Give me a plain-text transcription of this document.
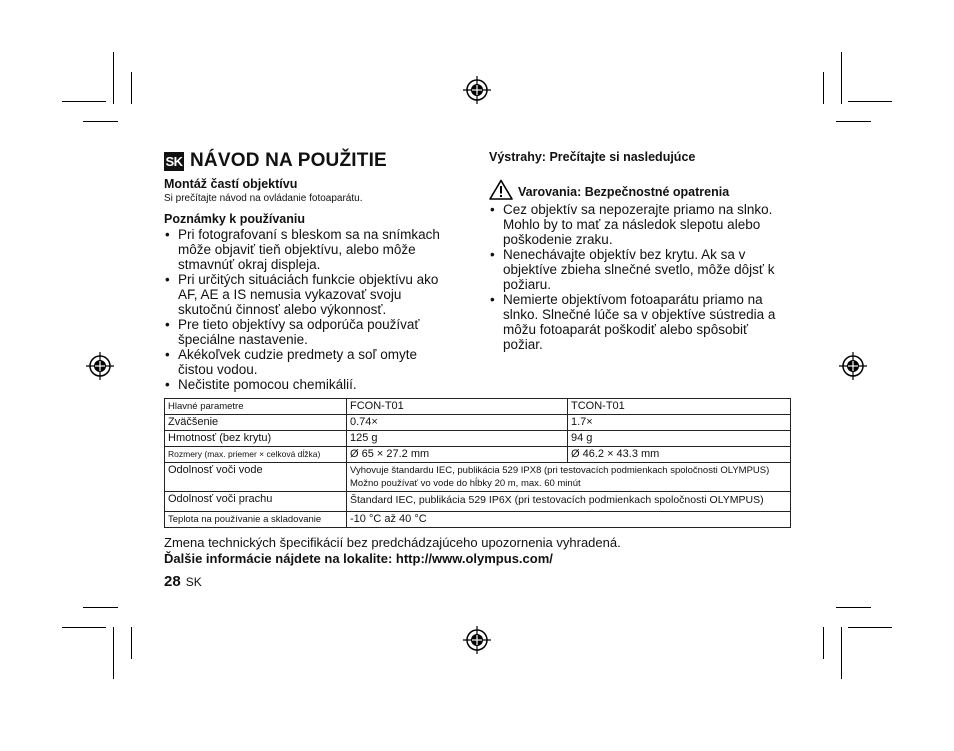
SK NÁVOD NA POUŽITIE
Montáž častí objektívu
Si prečítajte návod na ovládanie fotoaparátu.
Poznámky k používaniu
• Pri fotografovaní s bleskom sa na snímkach môže objaviť tieň objektívu, alebo môže stmavnúť okraj displeja.
• Pri určitých situáciách funkcie objektívu ako AF, AE a IS nemusia vykazovať svoju skutočnú činnosť alebo výkonnosť.
• Pre tieto objektívy sa odporúča používať špeciálne nastavenie.
• Akékoľvek cudzie predmety a soľ omyte čistou vodou.
• Nečistite pomocou chemikálií.
Výstrahy: Prečítajte si nasledujúce
Varovania: Bezpečnostné opatrenia
• Cez objektív sa nepozerajte priamo na slnko. Mohlo by to mať za následok slepotu alebo poškodenie zraku.
• Nenechávajte objektív bez krytu. Ak sa v objektíve zbieha slnečné svetlo, môže dôjsť k požiaru.
• Nemierte objektívom fotoaparátu priamo na slnko. Slnečné lúče sa v objektíve sústredia a môžu fotoaparát poškodiť alebo spôsobiť požiar.
Hlavné parametre	FCON-T01	TCON-T01
Zväčšenie	0.74×	1.7×
Hmotnosť (bez krytu)	125 g	94 g
Rozmery (max. priemer × celková dĺžka)	Ø 65 × 27.2 mm	Ø 46.2 × 43.3 mm
Odolnosť voči vode	Vyhovuje štandardu IEC, publikácia 529 IPX8 (pri testovacích podmienkach spoločnosti OLYMPUS)
Možno používať vo vode do hĺbky 20 m, max. 60 minút	

Odolnosť voči prachu	Štandard IEC, publikácia 529 IP6X (pri testovacích podmienkach spoločnosti OLYMPUS)	
Teplota na používanie a skladovanie	-10 °C až 40 °C	
Zmena technických špecifikácií bez predchádzajúceho upozornenia vyhradená.
Ďalšie informácie nájdete na lokalite: http://www.olympus.com/
28 SK
